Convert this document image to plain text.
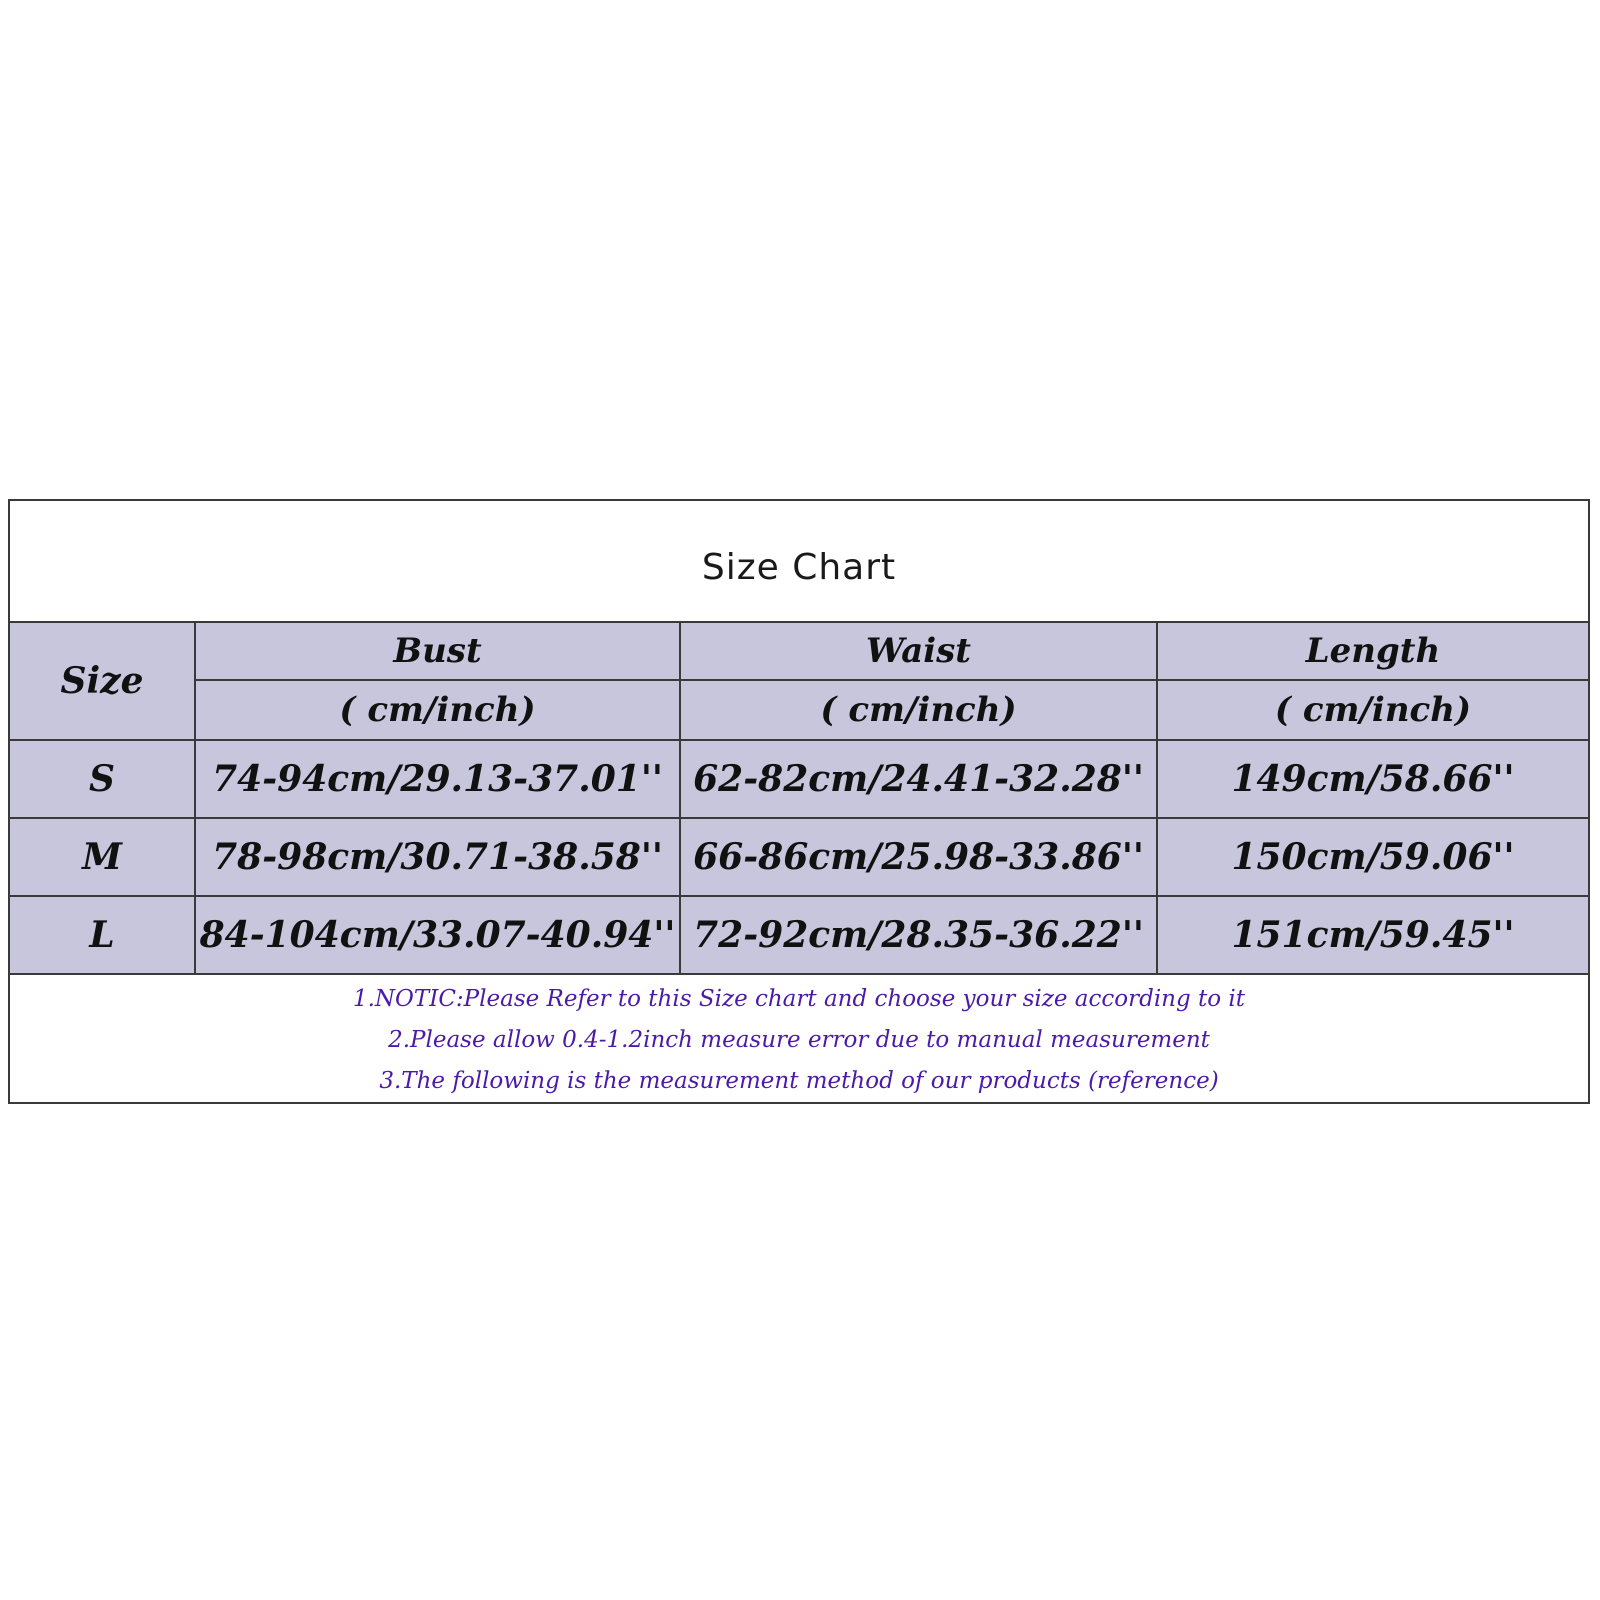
Size Chart
Size	Bust	Waist	Length
	( cm/inch)	( cm/inch)	( cm/inch)
S	74-94cm/29.13-37.01''	62-82cm/24.41-32.28''	149cm/58.66''
M	78-98cm/30.71-38.58''	66-86cm/25.98-33.86''	150cm/59.06''
L	84-104cm/33.07-40.94''	72-92cm/28.35-36.22''	151cm/59.45''
1.NOTIC:Please Refer to this Size chart and choose your size according to it
2.Please allow 0.4-1.2inch measure error due to manual measurement
3.The following is the measurement method of our products (reference)
